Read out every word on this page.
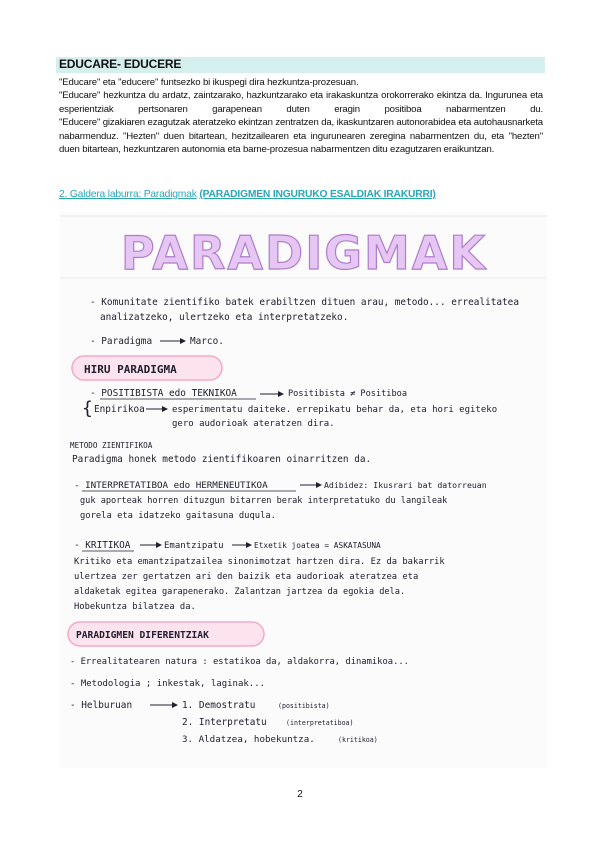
EDUCARE- EDUCERE
"Educare" eta "educere" funtsezko bi ikuspegi dira hezkuntza-prozesuan.
"Educare" hezkuntza du ardatz, zaintzarako, hazkuntzarako eta irakaskuntza orokorrerako ekintza da. Ingurunea eta esperientziak pertsonaren garapenean duten eragin positiboa nabarmentzen du.
"Educere" gizakiaren ezagutzak ateratzeko ekintzan zentratzen da, ikaskuntzaren autonorabidea eta autohausnarketa nabarmenduz. "Hezten" duen bitartean, hezitzailearen eta ingurunearen zeregina nabarmentzen du, eta "hezten" duen bitartean, hezkuntzaren autonomia eta barne-prozesua nabarmentzen ditu ezagutzaren eraikuntzan.
2. Galdera laburra: Paradigmak (PARADIGMEN INGURUKO ESALDIAK IRAKURRI)
PARADIGMAK
- Komunitate zientifiko batek erabiltzen dituen arau, metodo... errealitatea
analizatzeko, ulertzeko eta interpretatzeko.
- Paradigma	Marco.
HIRU PARADIGMA
- POSITIBISTA edo TEKNIKOA	Positibista ≠ Positiboa
{ Enpirikoa	esperimentatu daiteke. errepikatu behar da, eta hori egiteko
gero audorioak ateratzen dira.
METODO ZIENTIFIKOA
Paradigma honek metodo zientifikoaren oinarritzen da.
- INTERPRETATIBOA edo HERMENEUTIKOA	Adibidez: Ikusrari bat datorreuan
guk aporteak horren dituzgun bitarren berak interpretatuko du langileak
gorela eta idatzeko gaitasuna duqula.
- KRITIKOA	Emantzipatu	Etxetik joatea = ASKATASUNA
Kritiko eta emantzipatzailea sinonimotzat hartzen dira. Ez da bakarrik
ulertzea zer gertatzen ari den baizik eta audorioak ateratzea eta
aldaketak egitea garapenerako. Zalantzan jartzea da egokia dela.
Hobekuntza bilatzea da.
PARADIGMEN DIFERENTZIAK
- Errealitatearen natura : estatikoa da, aldakorra, dinamikoa...
- Metodologia ; inkestak, laginak...
- Helburuan	1. Demostratu	(positibista)
2. Interpretatu	(interpretatiboa)
3. Aldatzea, hobekuntza.	(kritikoa)
2
